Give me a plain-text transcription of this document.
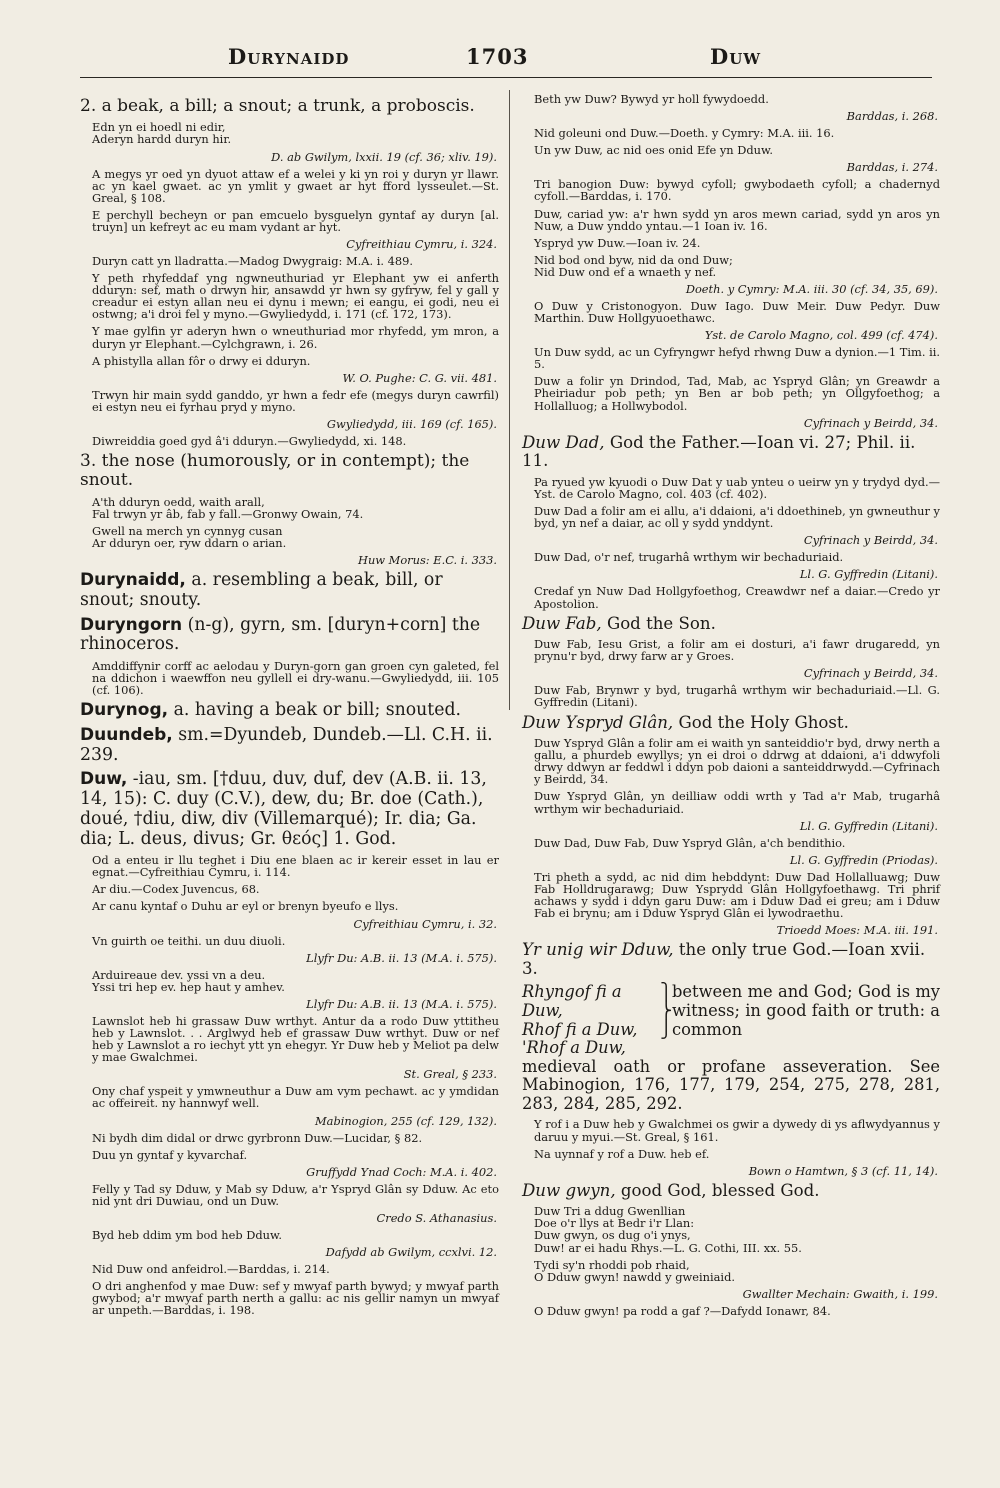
Durynaidd	1703	Duw
2. a beak, a bill; a snout; a trunk, a proboscis.
Edn yn ei hoedl ni edir,
Aderyn hardd duryn hir.
D. ab Gwilym, lxxii. 19 (cf. 36; xliv. 19).
A megys yr oed yn dyuot attaw ef a welei y ki yn roi y duryn yr llawr. ac yn kael gwaet. ac yn ymlit y gwaet ar hyt fford lysseulet.—St. Greal, § 108.
E perchyll becheyn or pan emcuelo bysguelyn gyntaf ay duryn [al. truyn] un kefreyt ac eu mam vydant ar hyt.
Cyfreithiau Cymru, i. 324.
Duryn catt yn lladratta.—Madog Dwygraig: M.A. i. 489.
Y peth rhyfeddaf yng ngwneuthuriad yr Elephant yw ei anferth dduryn: sef, math o drwyn hir, ansawdd yr hwn sy gyfryw, fel y gall y creadur ei estyn allan neu ei dynu i mewn; ei eangu, ei godi, neu ei ostwng; a'i droi fel y myno.—Gwyliedydd, i. 171 (cf. 172, 173).
Y mae gylfin yr aderyn hwn o wneuthuriad mor rhyfedd, ym mron, a duryn yr Elephant.—Cylchgrawn, i. 26.
A phistylla allan fôr o drwy ei dduryn.
W. O. Pughe: C. G. vii. 481.
Trwyn hir main sydd ganddo, yr hwn a fedr efe (megys duryn cawrfil) ei estyn neu ei fyrhau pryd y myno.
Gwyliedydd, iii. 169 (cf. 165).
Diwreiddia goed gyd â'i dduryn.—Gwyliedydd, xi. 148.
3. the nose (humorously, or in contempt); the snout.
A'th dduryn oedd, waith arall,
Fal trwyn yr âb, fab y fall.—Gronwy Owain, 74.
Gwell na merch yn cynnyg cusan
Ar dduryn oer, ryw ddarn o arian.
Huw Morus: E.C. i. 333.
Durynaidd, a. resembling a beak, bill, or snout; snouty.
Duryngorn (n-g), gyrn, sm. [duryn+corn] the rhinoceros.
Amddiffynir corff ac aelodau y Duryn-gorn gan groen cyn galeted, fel na ddichon i waewffon neu gyllell ei dry-wanu.—Gwyliedydd, iii. 105 (cf. 106).
Durynog, a. having a beak or bill; snouted.
Duundeb, sm.=Dyundeb, Dundeb.—Ll. C.H. ii. 239.
Duw, -iau, sm. [†duu, duv, duf, dev (A.B. ii. 13, 14, 15): C. duy (C.V.), dew, du; Br. doe (Cath.), doué, †diu, diw, div (Villemarqué); Ir. dia; Ga. dia; L. deus, divus; Gr. θεός] 1. God.
Od a enteu ir llu teghet i Diu ene blaen ac ir kereir esset in lau er egnat.—Cyfreithiau Cymru, i. 114.
Ar diu.—Codex Juvencus, 68.
Ar canu kyntaf o Duhu ar eyl or brenyn byeufo e llys.
Cyfreithiau Cymru, i. 32.
Vn guirth oe teithi. un duu diuoli.
Llyfr Du: A.B. ii. 13 (M.A. i. 575).
Arduireaue dev. yssi vn a deu.
Yssi tri hep ev. hep haut y amhev.
Llyfr Du: A.B. ii. 13 (M.A. i. 575).
Lawnslot heb hi grassaw Duw wrthyt. Antur da a rodo Duw yttitheu heb y Lawnslot. . . Arglwyd heb ef grassaw Duw wrthyt. Duw or nef heb y Lawnslot a ro iechyt ytt yn ehegyr. Yr Duw heb y Meliot pa delw y mae Gwalchmei.
St. Greal, § 233.
Ony chaf yspeit y ymwneuthur a Duw am vym pechawt. ac y ymdidan ac offeireit. ny hannwyf well.
Mabinogion, 255 (cf. 129, 132).
Ni bydh dim didal or drwc gyrbronn Duw.—Lucidar, § 82.
Duu yn gyntaf y kyvarchaf.
Gruffydd Ynad Coch: M.A. i. 402.
Felly y Tad sy Dduw, y Mab sy Dduw, a'r Yspryd Glân sy Dduw. Ac eto nid ynt dri Duwiau, ond un Duw.
Credo S. Athanasius.
Byd heb ddim ym bod heb Dduw.
Dafydd ab Gwilym, ccxlvi. 12.
Nid Duw ond anfeidrol.—Barddas, i. 214.
O dri anghenfod y mae Duw: sef y mwyaf parth bywyd; y mwyaf parth gwybod; a'r mwyaf parth nerth a gallu: ac nis gellir namyn un mwyaf ar unpeth.—Barddas, i. 198.
Beth yw Duw? Bywyd yr holl fywydoedd.
Barddas, i. 268.
Nid goleuni ond Duw.—Doeth. y Cymry: M.A. iii. 16.
Un yw Duw, ac nid oes onid Efe yn Dduw.
Barddas, i. 274.
Tri banogion Duw: bywyd cyfoll; gwybodaeth cyfoll; a chadernyd cyfoll.—Barddas, i. 170.
Duw, cariad yw: a'r hwn sydd yn aros mewn cariad, sydd yn aros yn Nuw, a Duw ynddo yntau.—1 Ioan iv. 16.
Yspryd yw Duw.—Ioan iv. 24.
Nid bod ond byw, nid da ond Duw;
Nid Duw ond ef a wnaeth y nef.
Doeth. y Cymry: M.A. iii. 30 (cf. 34, 35, 69).
O Duw y Cristonogyon. Duw Iago. Duw Meir. Duw Pedyr. Duw Marthin. Duw Hollgyuoethawc.
Yst. de Carolo Magno, col. 499 (cf. 474).
Un Duw sydd, ac un Cyfryngwr hefyd rhwng Duw a dynion.—1 Tim. ii. 5.
Duw a folir yn Drindod, Tad, Mab, ac Yspryd Glân; yn Greawdr a Pheiriadur pob peth; yn Ben ar bob peth; yn Ollgyfoethog; a Hollalluog; a Hollwybodol.
Cyfrinach y Beirdd, 34.
Duw Dad, God the Father.—Ioan vi. 27; Phil. ii. 11.
Pa ryued yw kyuodi o Duw Dat y uab ynteu o ueirw yn y trydyd dyd.—Yst. de Carolo Magno, col. 403 (cf. 402).
Duw Dad a folir am ei allu, a'i ddaioni, a'i ddoethineb, yn gwneuthur y byd, yn nef a daiar, ac oll y sydd ynddynt.
Cyfrinach y Beirdd, 34.
Duw Dad, o'r nef, trugarhâ wrthym wir bechaduriaid.
Ll. G. Gyffredin (Litani).
Credaf yn Nuw Dad Hollgyfoethog, Creawdwr nef a daiar.—Credo yr Apostolion.
Duw Fab, God the Son.
Duw Fab, Iesu Grist, a folir am ei dosturi, a'i fawr drugaredd, yn prynu'r byd, drwy farw ar y Groes.
Cyfrinach y Beirdd, 34.
Duw Fab, Brynwr y byd, trugarhâ wrthym wir bechaduriaid.—Ll. G. Gyffredin (Litani).
Duw Yspryd Glân, God the Holy Ghost.
Duw Yspryd Glân a folir am ei waith yn santeiddio'r byd, drwy nerth a gallu, a phurdeb ewyllys; yn ei droi o ddrwg at ddaioni, a'i ddwyfoli drwy ddwyn ar feddwl i ddyn pob daioni a santeiddrwydd.—Cyfrinach y Beirdd, 34.
Duw Yspryd Glân, yn deilliaw oddi wrth y Tad a'r Mab, trugarhâ wrthym wir bechaduriaid.
Ll. G. Gyffredin (Litani).
Duw Dad, Duw Fab, Duw Yspryd Glân, a'ch bendithio.
Ll. G. Gyffredin (Priodas).
Tri pheth a sydd, ac nid dim hebddynt: Duw Dad Hollalluawg; Duw Fab Holldrugarawg; Duw Ysprydd Glân Hollgyfoethawg. Tri phrif achaws y sydd i ddyn garu Duw: am i Dduw Dad ei greu; am i Dduw Fab ei brynu; am i Dduw Yspryd Glân ei lywodraethu.
Trioedd Moes: M.A. iii. 191.
Yr unig wir Dduw, the only true God.—Ioan xvii. 3.
Rhyngof fi a Duw,
Rhof fi a Duw,
'Rhof a Duw,
⎫
⎬
⎭
between me and God; God is my witness; in good faith or truth: a common
medieval oath or profane asseveration. See Mabinogion, 176, 177, 179, 254, 275, 278, 281, 283, 284, 285, 292.
Y rof i a Duw heb y Gwalchmei os gwir a dywedy di ys aflwydyannus y daruu y myui.—St. Greal, § 161.
Na uynnaf y rof a Duw. heb ef.
Bown o Hamtwn, § 3 (cf. 11, 14).
Duw gwyn, good God, blessed God.
Duw Tri a ddug Gwenllian
Doe o'r llys at Bedr i'r Llan:
Duw gwyn, os dug o'i ynys,
Duw! ar ei hadu Rhys.—L. G. Cothi, III. xx. 55.
Tydi sy'n rhoddi pob rhaid,
O Dduw gwyn! nawdd y gweiniaid.
Gwallter Mechain: Gwaith, i. 199.
O Dduw gwyn! pa rodd a gaf ?—Dafydd Ionawr, 84.
